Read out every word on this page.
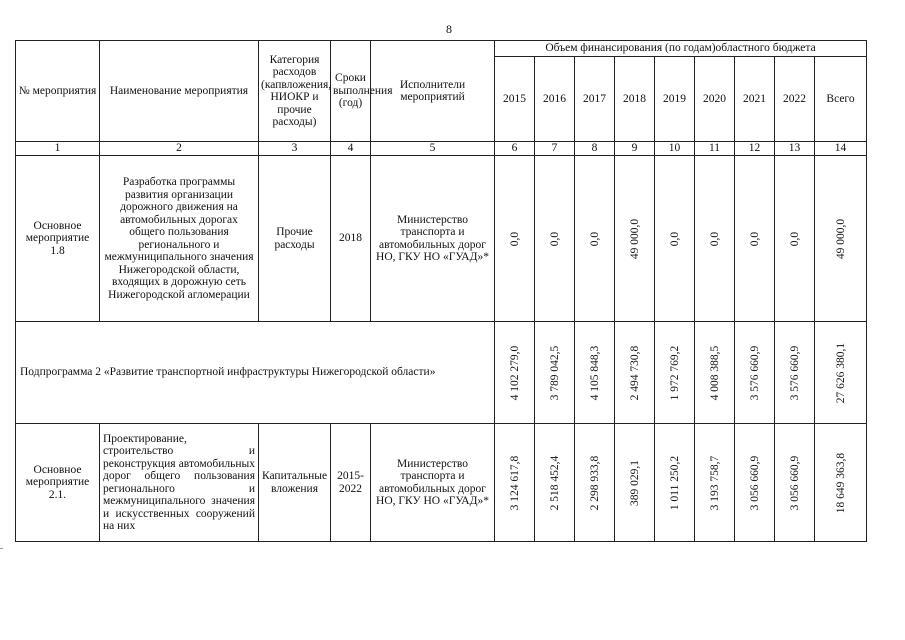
8
№ мероприятия	Наименование мероприятия	Категория расходов (капвложения, НИОКР и прочие расходы)	Сроки выполнения (год)	Исполнители мероприятий	Объем финансирования (по годам)областного бюджета								
					2015	2016	2017	2018	2019	2020	2021	2022	Всего
1	2	3	4	5	6	7	8	9	10	11	12	13	14
Основное мероприятие 1.8	Разработка программы развития организации дорожного движения на автомобильных дорогах общего пользования регионального и межмуниципального значения Нижегородской области, входящих в дорожную сеть Нижегородской агломерации	Прочие расходы	2018	Министерство транспорта и автомобильных дорог НО, ГКУ НО «ГУАД»*	0,0	0,0	0,0	49 000,0	0,0	0,0	0,0	0,0	49 000,0

Подпрограмма 2 «Развитие транспортной инфраструктуры Нижегородской области»					4 102 279,0	3 789 042,5	4 105 848,3	2 494 730,8	1 972 769,2	4 008 388,5	3 576 660,9	3 576 660,9	27 626 380,1

Основное мероприятие 2.1.	Проектирование, строительство и реконструкция автомобильных дорог общего пользования регионального и межмуниципального значения и искусственных сооружений на них	Капитальные вложения	2015-2022	Министерство транспорта и автомобильных дорог НО, ГКУ НО «ГУАД»*	3 124 617,8	2 518 452,4	2 298 933,8	389 029,1	1 011 250,2	3 193 758,7	3 056 660,9	3 056 660,9	18 649 363,8
